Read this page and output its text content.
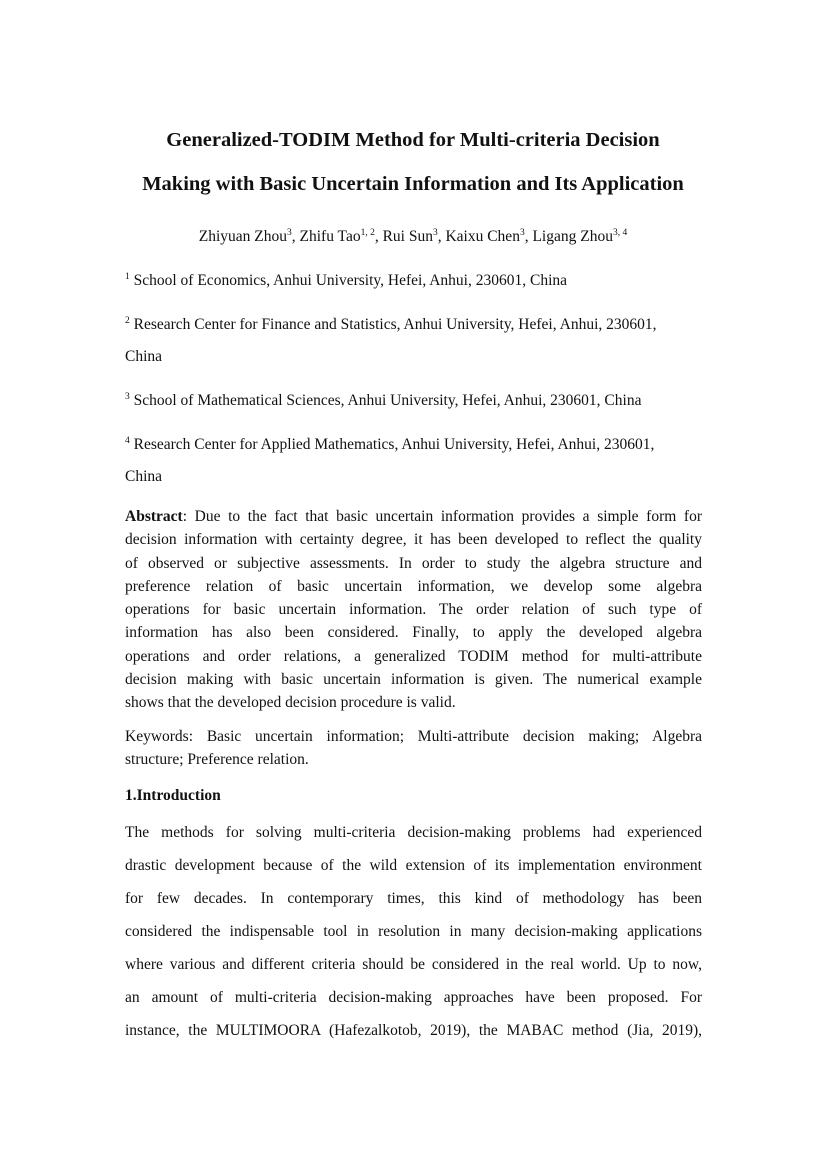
Generalized-TODIM Method for Multi-criteria Decision
Making with Basic Uncertain Information and Its Application
Zhiyuan Zhou$^3$, Zhifu Tao$^{1, 2}$, Rui Sun$^3$, Kaixu Chen$^3$, Ligang Zhou$^{3, 4}$
$^1$ School of Economics, Anhui University, Hefei, Anhui, 230601, China
$^2$ Research Center for Finance and Statistics, Anhui University, Hefei, Anhui, 230601,
China
$^3$ School of Mathematical Sciences, Anhui University, Hefei, Anhui, 230601, China
$^4$ Research Center for Applied Mathematics, Anhui University, Hefei, Anhui, 230601,
China
Abstract: Due to the fact that basic uncertain information provides a simple form for
decision information with certainty degree, it has been developed to reflect the quality
of observed or subjective assessments. In order to study the algebra structure and
preference relation of basic uncertain information, we develop some algebra
operations for basic uncertain information. The order relation of such type of
information has also been considered. Finally, to apply the developed algebra
operations and order relations, a generalized TODIM method for multi-attribute
decision making with basic uncertain information is given. The numerical example
shows that the developed decision procedure is valid.
Keywords: Basic uncertain information; Multi-attribute decision making; Algebra
structure; Preference relation.
1.Introduction
The methods for solving multi-criteria decision-making problems had experienced
drastic development because of the wild extension of its implementation environment
for few decades. In contemporary times, this kind of methodology has been
considered the indispensable tool in resolution in many decision-making applications
where various and different criteria should be considered in the real world. Up to now,
an amount of multi-criteria decision-making approaches have been proposed. For
instance, the MULTIMOORA (Hafezalkotob, 2019), the MABAC method (Jia, 2019),
